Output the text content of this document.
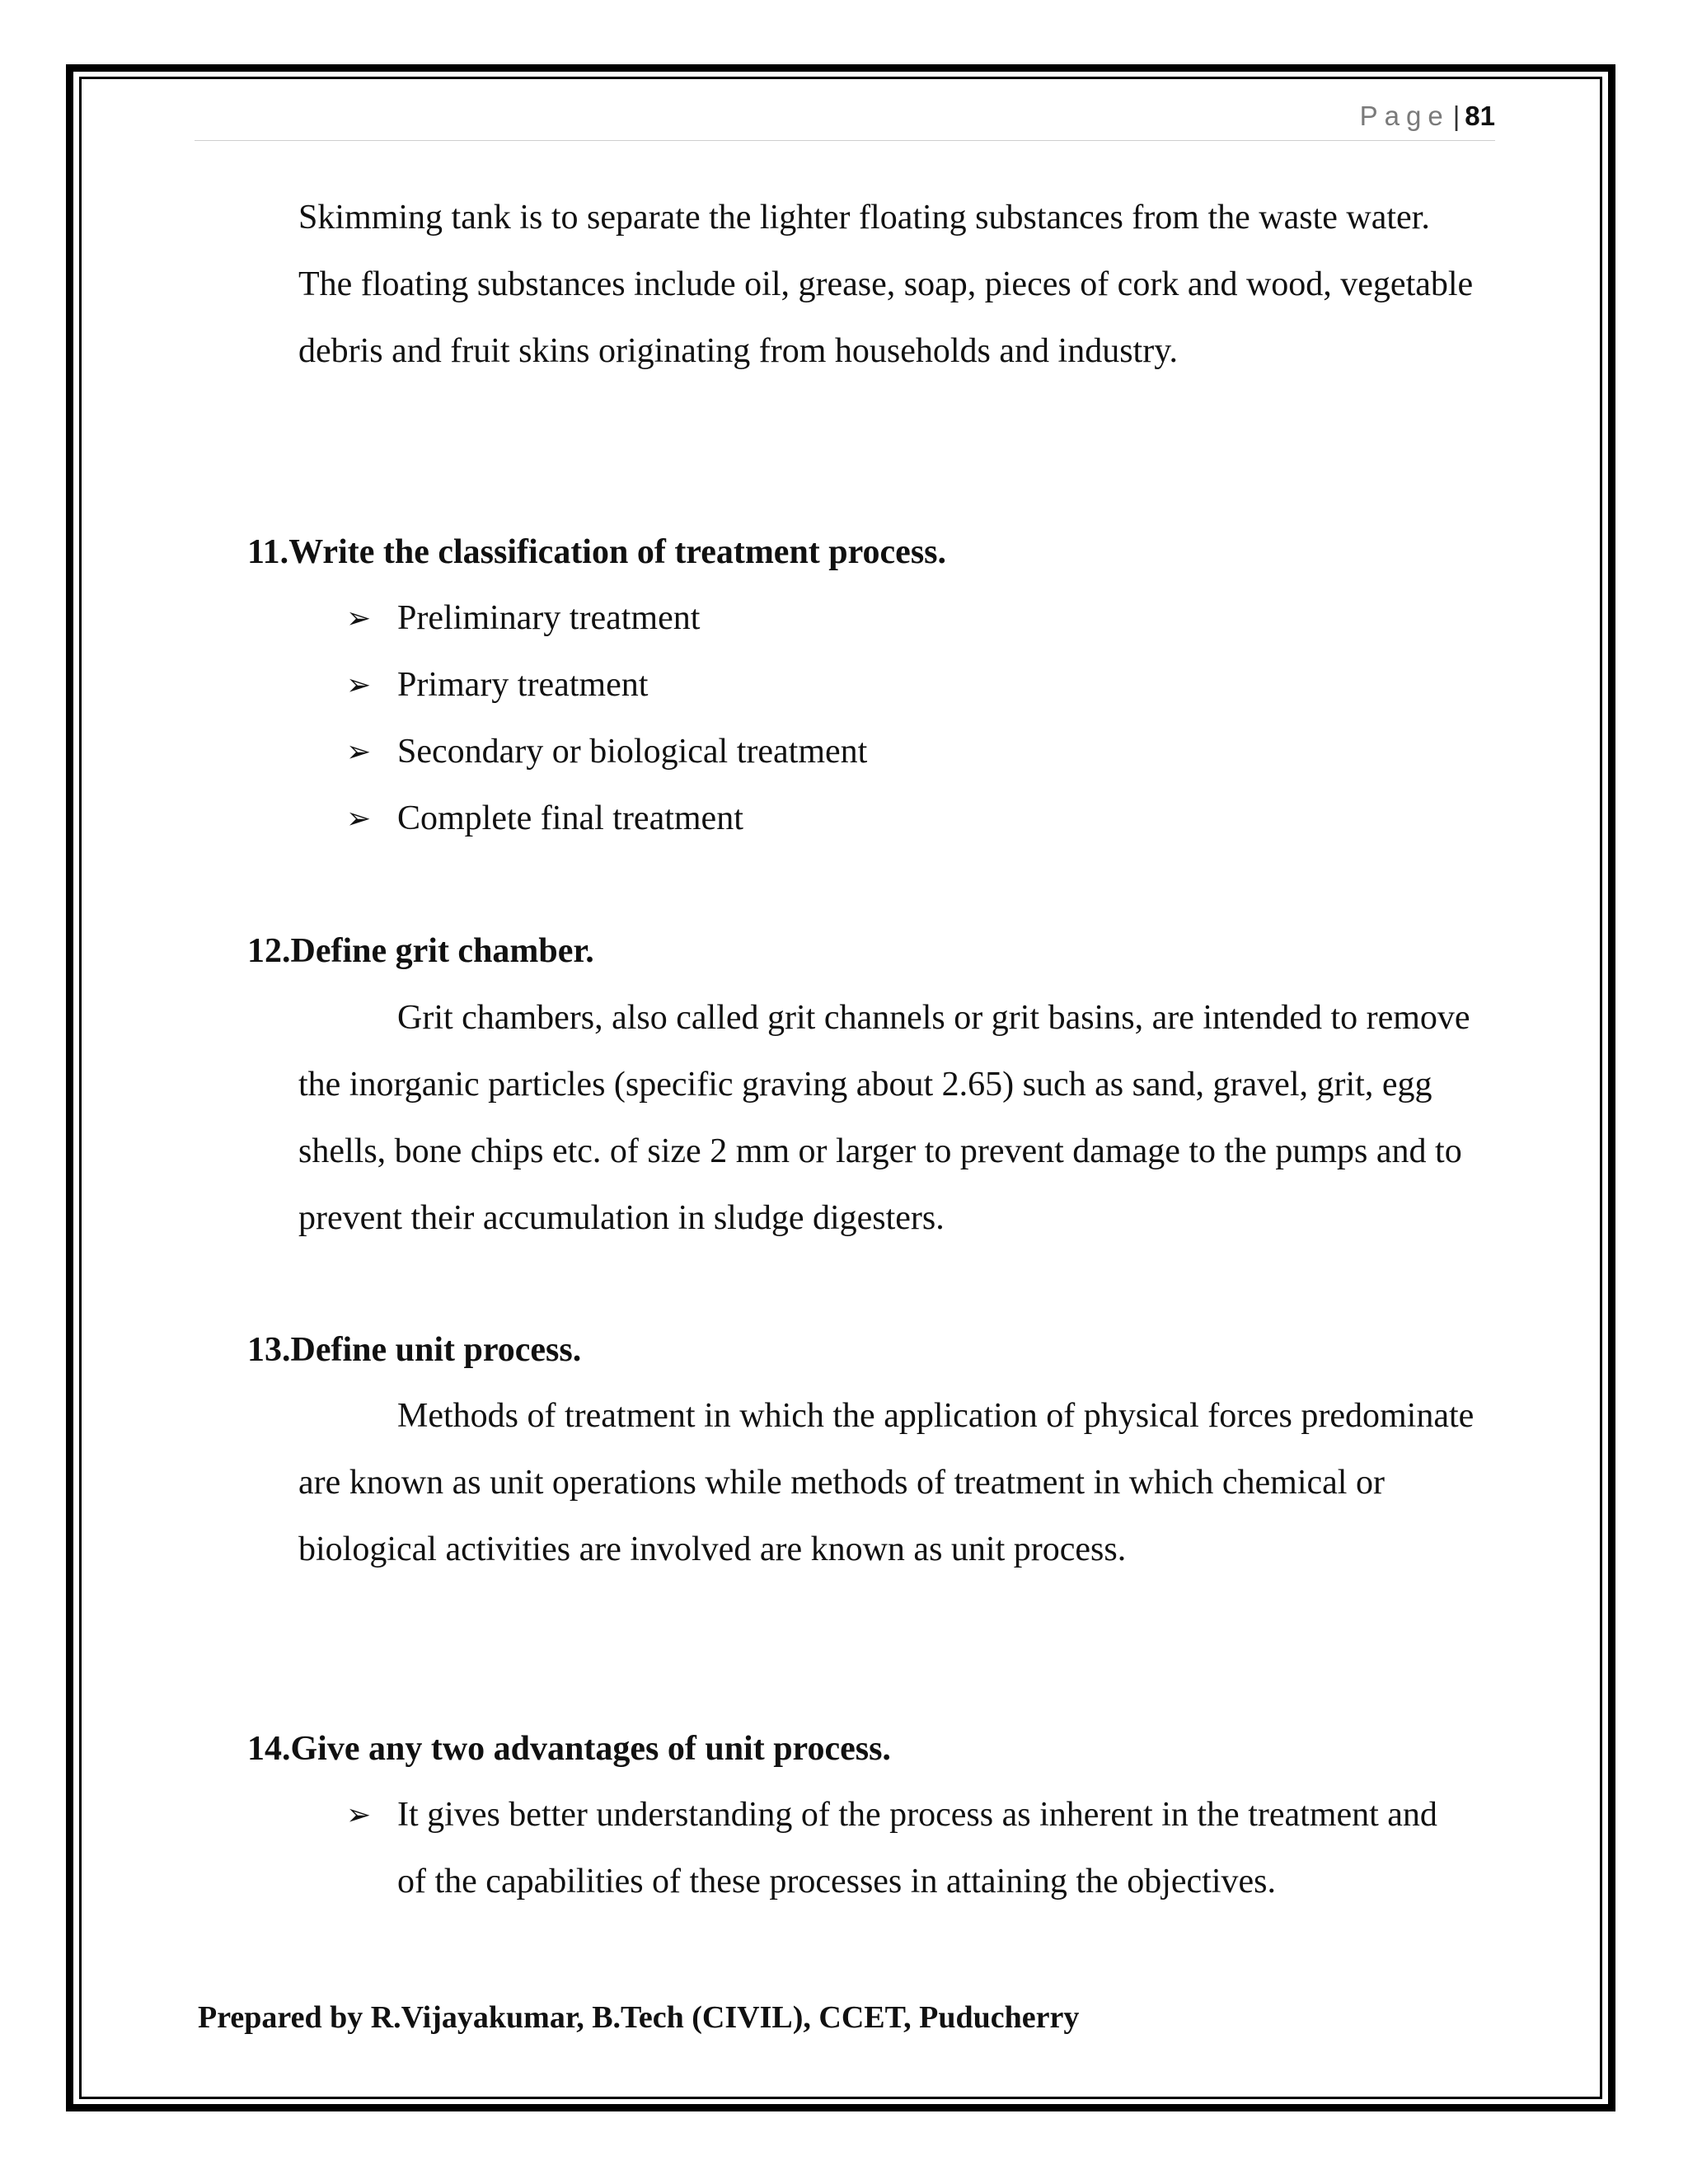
Page | 81

Skimming tank is to separate the lighter floating substances from the waste water. The floating substances include oil, grease, soap, pieces of cork and wood, vegetable debris and fruit skins originating from households and industry.

11.Write the classification of treatment process.

➢ Preliminary treatment
➢ Primary treatment
➢ Secondary or biological treatment
➢ Complete final treatment

12.Define grit chamber.

Grit chambers, also called grit channels or grit basins, are intended to remove the inorganic particles (specific graving about 2.65) such as sand, gravel, grit, egg shells, bone chips etc. of size 2 mm or larger to prevent damage to the pumps and to prevent their accumulation in sludge digesters.

13.Define unit process.

Methods of treatment in which the application of physical forces predominate are known as unit operations while methods of treatment in which chemical or biological activities are involved are known as unit process.

14.Give any two advantages of unit process.

➢ It gives better understanding of the process as inherent in the treatment and of the capabilities of these processes in attaining the objectives.
Prepared by R.Vijayakumar, B.Tech (CIVIL), CCET, Puducherry
